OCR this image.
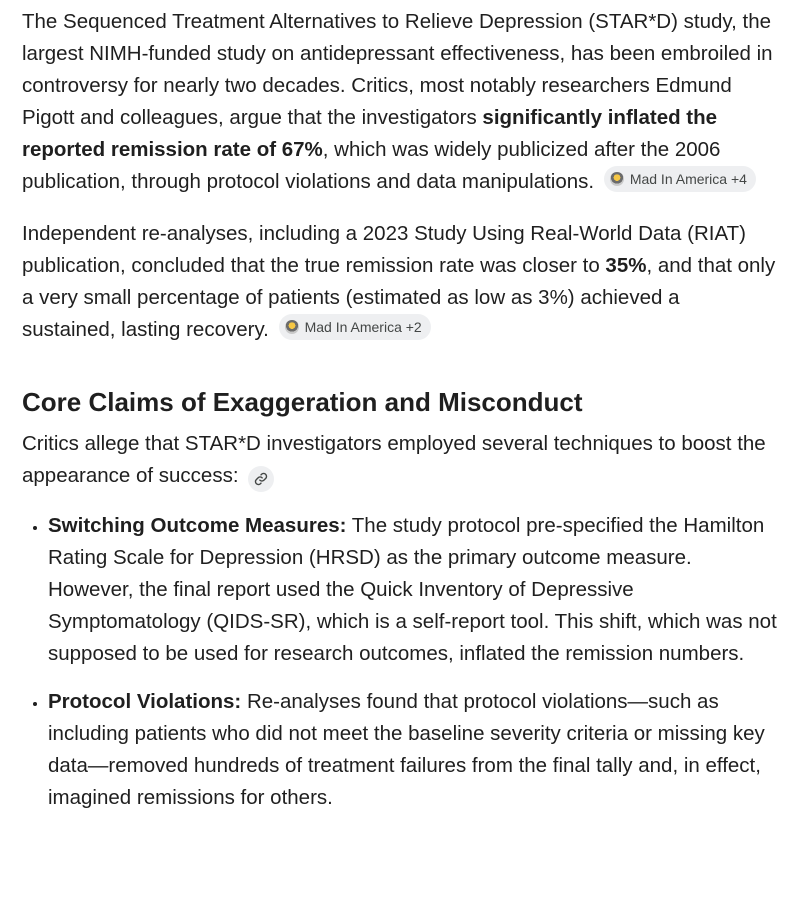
The Sequenced Treatment Alternatives to Relieve Depression (STAR*D) study, the largest NIMH-funded study on antidepressant effectiveness, has been embroiled in controversy for nearly two decades. Critics, most notably researchers Edmund Pigott and colleagues, argue that the investigators significantly inflated the reported remission rate of 67%, which was widely publicized after the 2006 publication, through protocol violations and data manipulations.	Mad In America +4

Independent re-analyses, including a 2023 Study Using Real-World Data (RIAT) publication, concluded that the true remission rate was closer to 35%, and that only a very small percentage of patients (estimated as low as 3%) achieved a sustained, lasting recovery.	Mad In America +2

Core Claims of Exaggeration and Misconduct

Critics allege that STAR*D investigators employed several techniques to boost the appearance of success:

• Switching Outcome Measures: The study protocol pre-specified the Hamilton Rating Scale for Depression (HRSD) as the primary outcome measure. However, the final report used the Quick Inventory of Depressive Symptomatology (QIDS-SR), which is a self-report tool. This shift, which was not supposed to be used for research outcomes, inflated the remission numbers.
• Protocol Violations: Re-analyses found that protocol violations—such as including patients who did not meet the baseline severity criteria or missing key data—removed hundreds of treatment failures from the final tally and, in effect, imagined remissions for others.
